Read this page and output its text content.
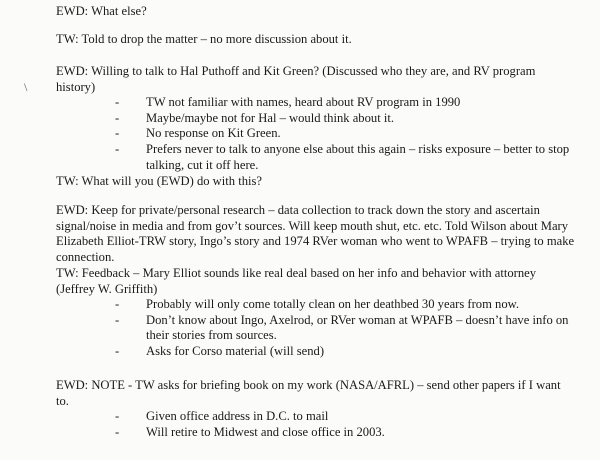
\
EWD: What else?
TW: Told to drop the matter – no more discussion about it.
EWD: Willing to talk to Hal Puthoff and Kit Green? (Discussed who they are, and RV program history)
- TW not familiar with names, heard about RV program in 1990
- Maybe/maybe not for Hal – would think about it.
- No response on Kit Green.
- Prefers never to talk to anyone else about this again – risks exposure – better to stop talking, cut it off here.
TW: What will you (EWD) do with this?
EWD: Keep for private/personal research – data collection to track down the story and ascertain signal/noise in media and from gov’t sources. Will keep mouth shut, etc. etc. Told Wilson about Mary Elizabeth Elliot-TRW story, Ingo’s story and 1974 RVer woman who went to WPAFB – trying to make connection.
TW: Feedback – Mary Elliot sounds like real deal based on her info and behavior with attorney (Jeffrey W. Griffith)
- Probably will only come totally clean on her deathbed 30 years from now.
- Don’t know about Ingo, Axelrod, or RVer woman at WPAFB – doesn’t have info on their stories from sources.
- Asks for Corso material (will send)
EWD: NOTE - TW asks for briefing book on my work (NASA/AFRL) – send other papers if I want to.
- Given office address in D.C. to mail
- Will retire to Midwest and close office in 2003.
